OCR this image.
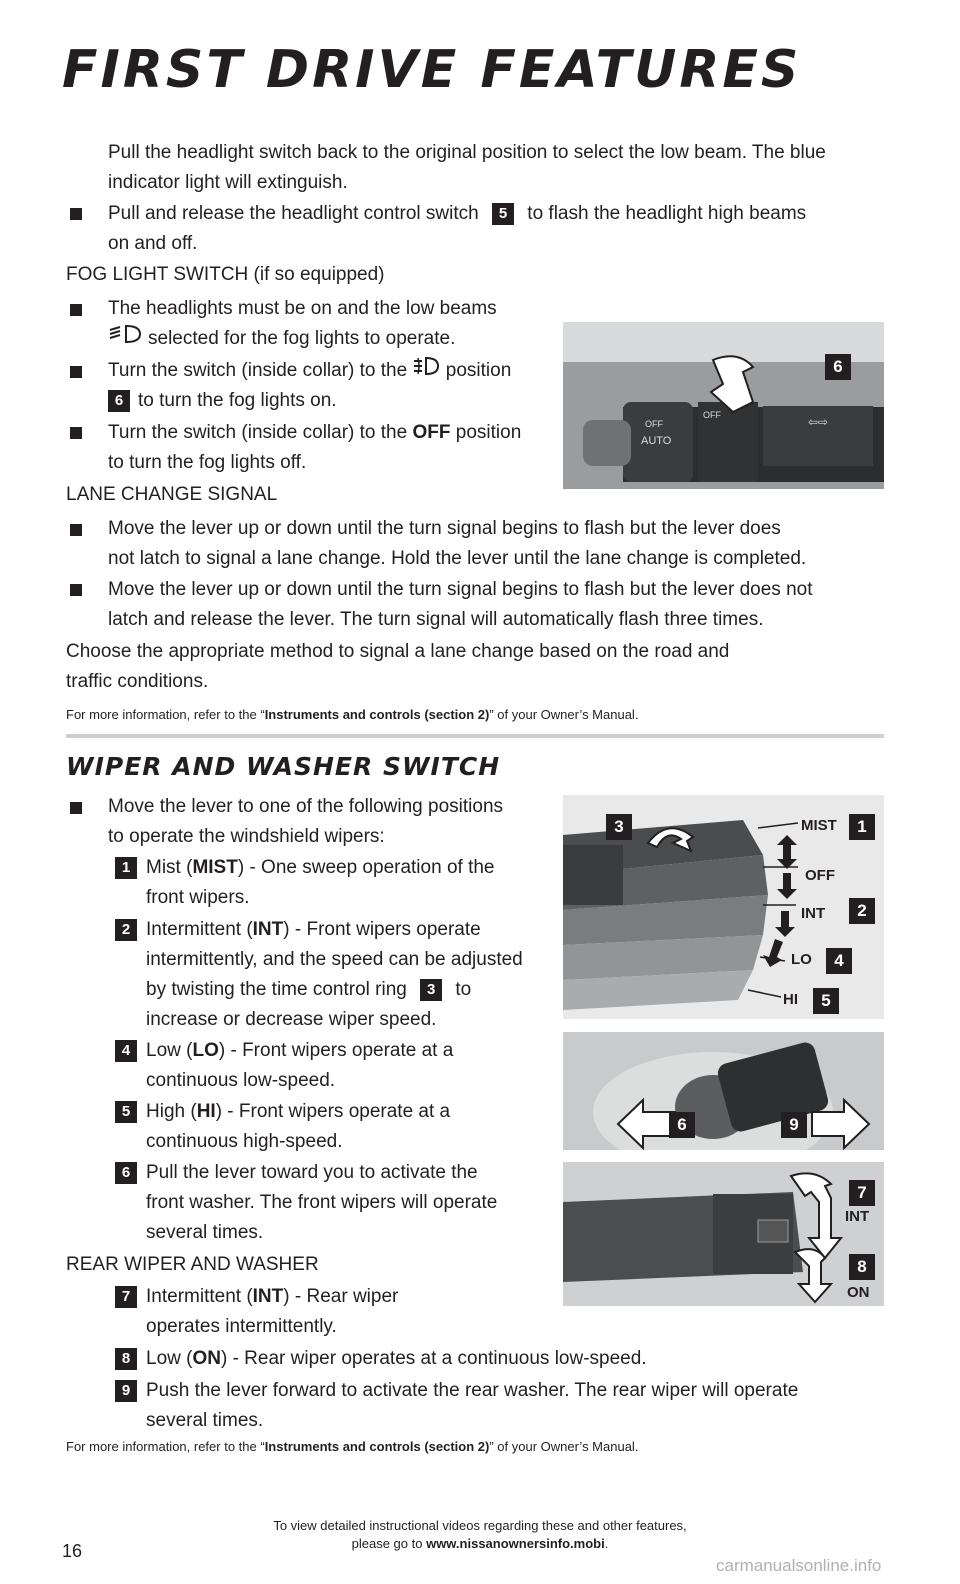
FIRST DRIVE FEATURES
Pull the headlight switch back to the original position to select the low beam. The blue
indicator light will extinguish.
Pull and release the headlight control switch 5 to flash the headlight high beams
on and off.
FOG LIGHT SWITCH (if so equipped)
The headlights must be on and the low beams
selected for the fog lights to operate.
Turn the switch (inside collar) to the position
6 to turn the fog lights on.
Turn the switch (inside collar) to the OFF position
to turn the fog lights off.
OFF
AUTO
OFF	⇦⇨
6
LANE CHANGE SIGNAL
Move the lever up or down until the turn signal begins to flash but the lever does
not latch to signal a lane change. Hold the lever until the lane change is completed.
Move the lever up or down until the turn signal begins to flash but the lever does not
latch and release the lever. The turn signal will automatically flash three times.
Choose the appropriate method to signal a lane change based on the road and
traffic conditions.
For more information, refer to the “Instruments and controls (section 2)” of your Owner’s Manual.
WIPER AND WASHER SWITCH
Move the lever to one of the following positions
to operate the windshield wipers:
1 Mist (MIST) - One sweep operation of the
front wipers.
2 Intermittent (INT) - Front wipers operate
intermittently, and the speed can be adjusted
by twisting the time control ring 3 to
increase or decrease wiper speed.
4 Low (LO) - Front wipers operate at a
continuous low-speed.
5 High (HI) - Front wipers operate at a
continuous high-speed.
6 Pull the lever toward you to activate the
front washer. The front wipers will operate
several times.
REAR WIPER AND WASHER
7 Intermittent (INT) - Rear wiper
operates intermittently.
8 Low (ON) - Rear wiper operates at a continuous low-speed.
9 Push the lever forward to activate the rear washer. The rear wiper will operate
several times.
For more information, refer to the “Instruments and controls (section 2)” of your Owner’s Manual.
MIST
OFF
INT
LO
HI
1
2
3
4
5
6	9
7
INT
8
ON
16
To view detailed instructional videos regarding these and other features,
please go to www.nissanownersinfo.mobi.
carmanualsonline.info
